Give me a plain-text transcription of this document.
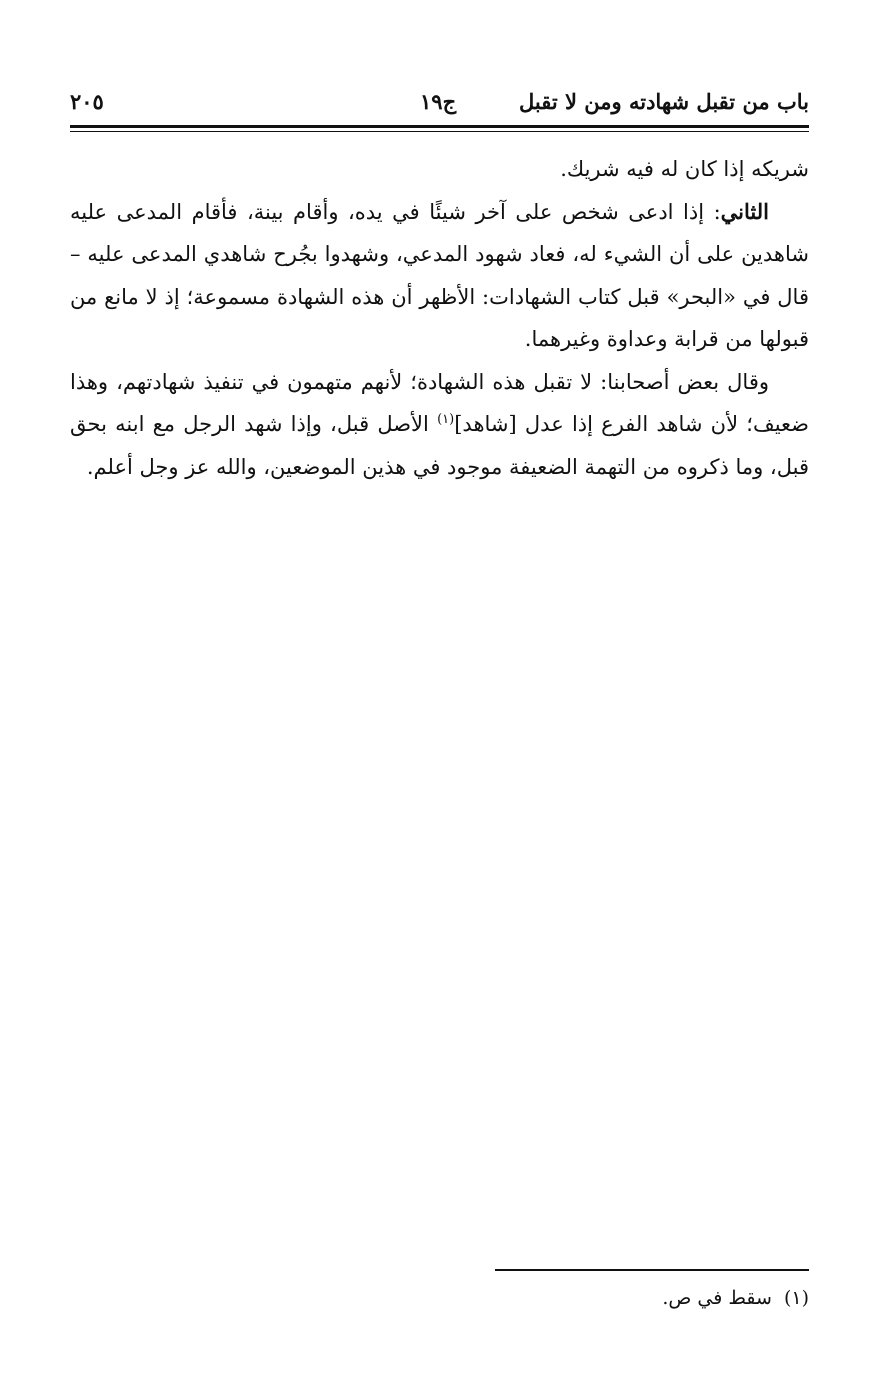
باب من تقبل شهادته ومن لا تقبل
ج١٩
٢٠٥

شريكه إذا كان له فيه شريك.

الثاني: إذا ادعى شخص على آخر شيئًا في يده، وأقام بينة، فأقام المدعى عليه شاهدين على أن الشيء له، فعاد شهود المدعي، وشهدوا بجُرح شاهدي المدعى عليه – قال في «البحر» قبل كتاب الشهادات: الأظهر أن هذه الشهادة مسموعة؛ إذ لا مانع من قبولها من قرابة وعداوة وغيرهما.

وقال بعض أصحابنا: لا تقبل هذه الشهادة؛ لأنهم متهمون في تنفيذ شهادتهم، وهذا ضعيف؛ لأن شاهد الفرع إذا عدل [شاهد]$^{(١)}$ الأصل قبل، وإذا شهد الرجل مع ابنه بحق قبل، وما ذكروه من التهمة الضعيفة موجود في هذين الموضعين، والله عز وجل أعلم.

(١)سقط في ص.
